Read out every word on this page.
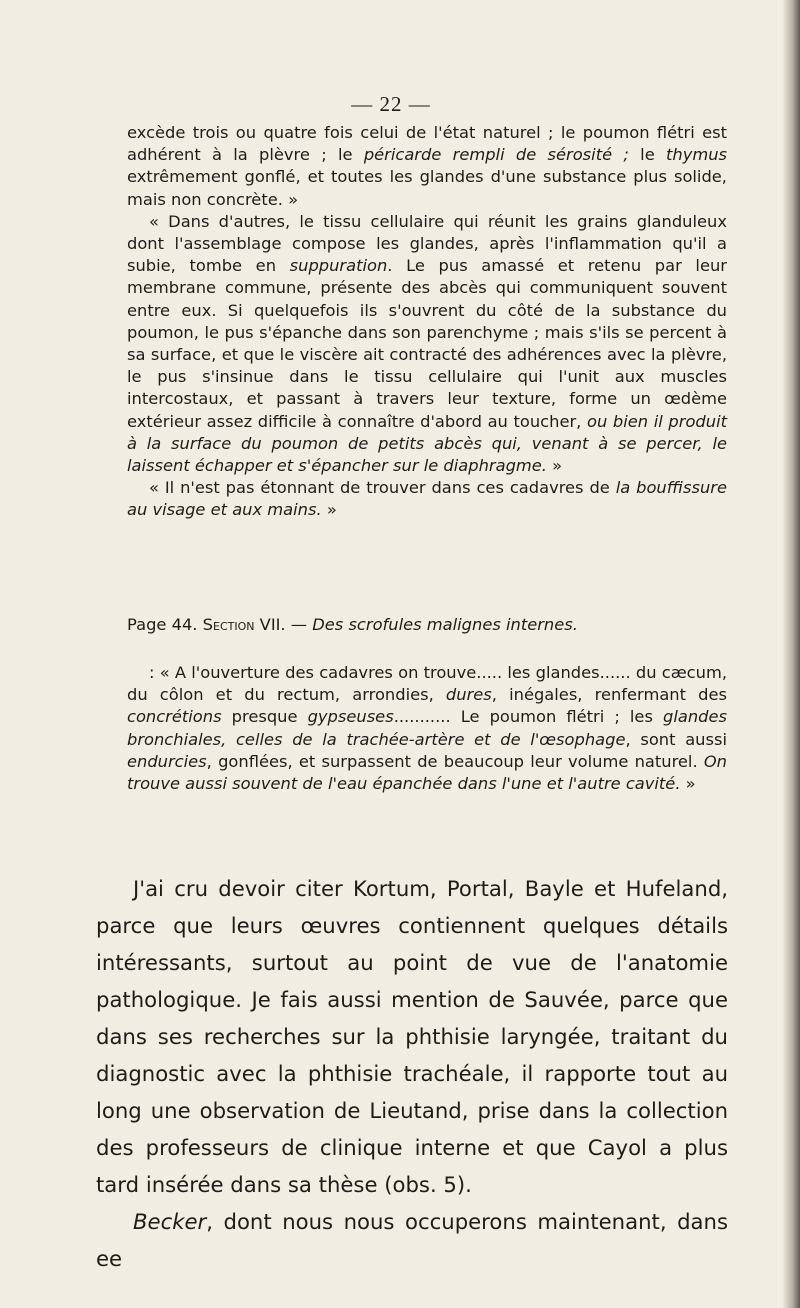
— 22 —

excède trois ou quatre fois celui de l'état naturel ; le poumon flétri est adhérent à la plèvre ; le péricarde rempli de sérosité ; le thymus extrêmement gonflé, et toutes les glandes d'une substance plus solide, mais non concrète. »

« Dans d'autres, le tissu cellulaire qui réunit les grains glanduleux dont l'assemblage compose les glandes, après l'inflammation qu'il a subie, tombe en suppuration. Le pus amassé et retenu par leur membrane commune, présente des abcès qui communiquent souvent entre eux. Si quelquefois ils s'ouvrent du côté de la substance du poumon, le pus s'épanche dans son parenchyme ; mais s'ils se percent à sa surface, et que le viscère ait contracté des adhérences avec la plèvre, le pus s'insinue dans le tissu cellulaire qui l'unit aux muscles intercostaux, et passant à travers leur texture, forme un œdème extérieur assez difficile à connaître d'abord au toucher, ou bien il produit à la surface du poumon de petits abcès qui, venant à se percer, le laissent échapper et s'épancher sur le diaphragme. »

« Il n'est pas étonnant de trouver dans ces cadavres de la bouffissure au visage et aux mains. »

Page 44. Section VII. — Des scrofules malignes internes.

: « A l'ouverture des cadavres on trouve..... les glandes...... du cæcum, du côlon et du rectum, arrondies, dures, inégales, renfermant des concrétions presque gypseuses........... Le poumon flétri ; les glandes bronchiales, celles de la trachée-artère et de l'œsophage, sont aussi endurcies, gonflées, et surpassent de beaucoup leur volume naturel. On trouve aussi souvent de l'eau épanchée dans l'une et l'autre cavité. »

J'ai cru devoir citer Kortum, Portal, Bayle et Hufeland, parce que leurs œuvres contiennent quelques détails intéressants, surtout au point de vue de l'anatomie pathologique. Je fais aussi mention de Sauvée, parce que dans ses recherches sur la phthisie laryngée, traitant du diagnostic avec la phthisie trachéale, il rapporte tout au long une observation de Lieutand, prise dans la collection des professeurs de clinique interne et que Cayol a plus tard insérée dans sa thèse (obs. 5).

Becker, dont nous nous occuperons maintenant, dans ee
